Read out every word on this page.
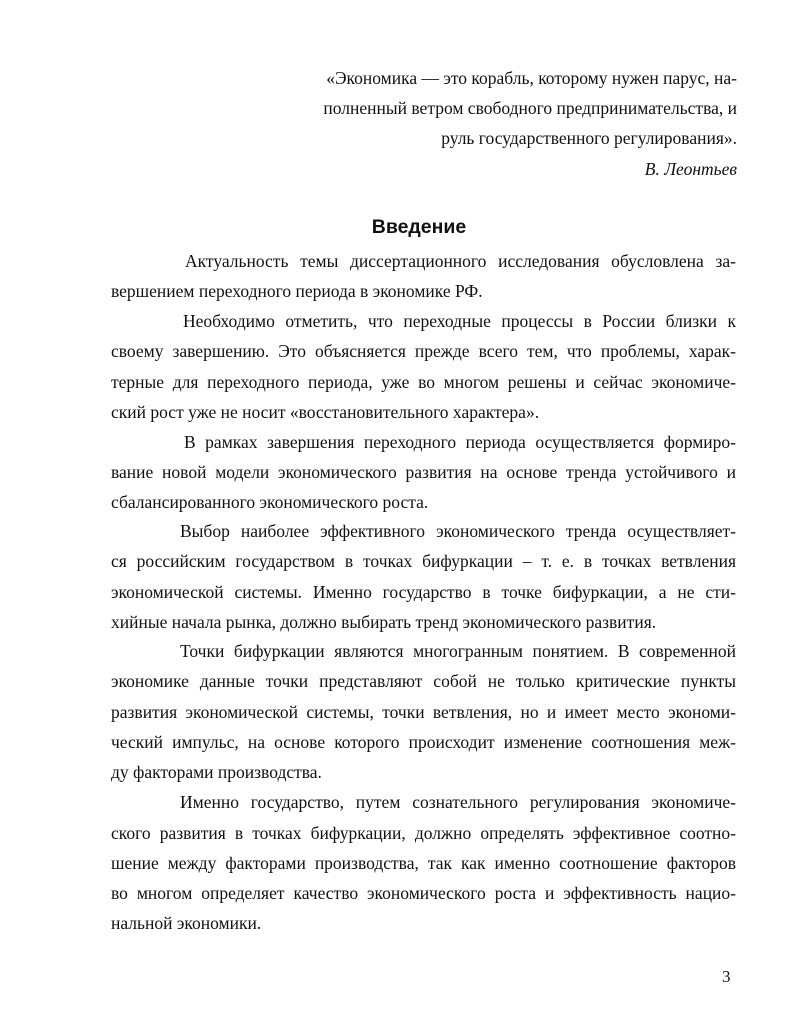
«Экономика — это корабль, которому нужен парус, на-

полненный ветром свободного предпринимательства, и

руль государственного регулирования».

В. Леонтьев

Введение
Актуальность темы диссертационного исследования обусловлена за-
вершением переходного периода в экономике РФ.
Необходимо отметить, что переходные процессы в России близки к
своему завершению. Это объясняется прежде всего тем, что проблемы, харак-
терные для переходного периода, уже во многом решены и сейчас экономиче-
ский рост уже не носит «восстановительного характера».
В рамках завершения переходного периода осуществляется формиро-
вание новой модели экономического развития на основе тренда устойчивого и
сбалансированного экономического роста.
Выбор наиболее эффективного экономического тренда осуществляет-
ся российским государством в точках бифуркации – т. е. в точках ветвления
экономической системы. Именно государство в точке бифуркации, а не сти-
хийные начала рынка, должно выбирать тренд экономического развития.
Точки бифуркации являются многогранным понятием. В современной
экономике данные точки представляют собой не только критические пункты
развития экономической системы, точки ветвления, но и имеет место экономи-
ческий импульс, на основе которого происходит изменение соотношения меж-
ду факторами производства.
Именно государство, путем сознательного регулирования экономиче-
ского развития в точках бифуркации, должно определять эффективное соотно-
шение между факторами производства, так как именно соотношение факторов
во многом определяет качество экономического роста и эффективность нацио-
нальной экономики.
3
